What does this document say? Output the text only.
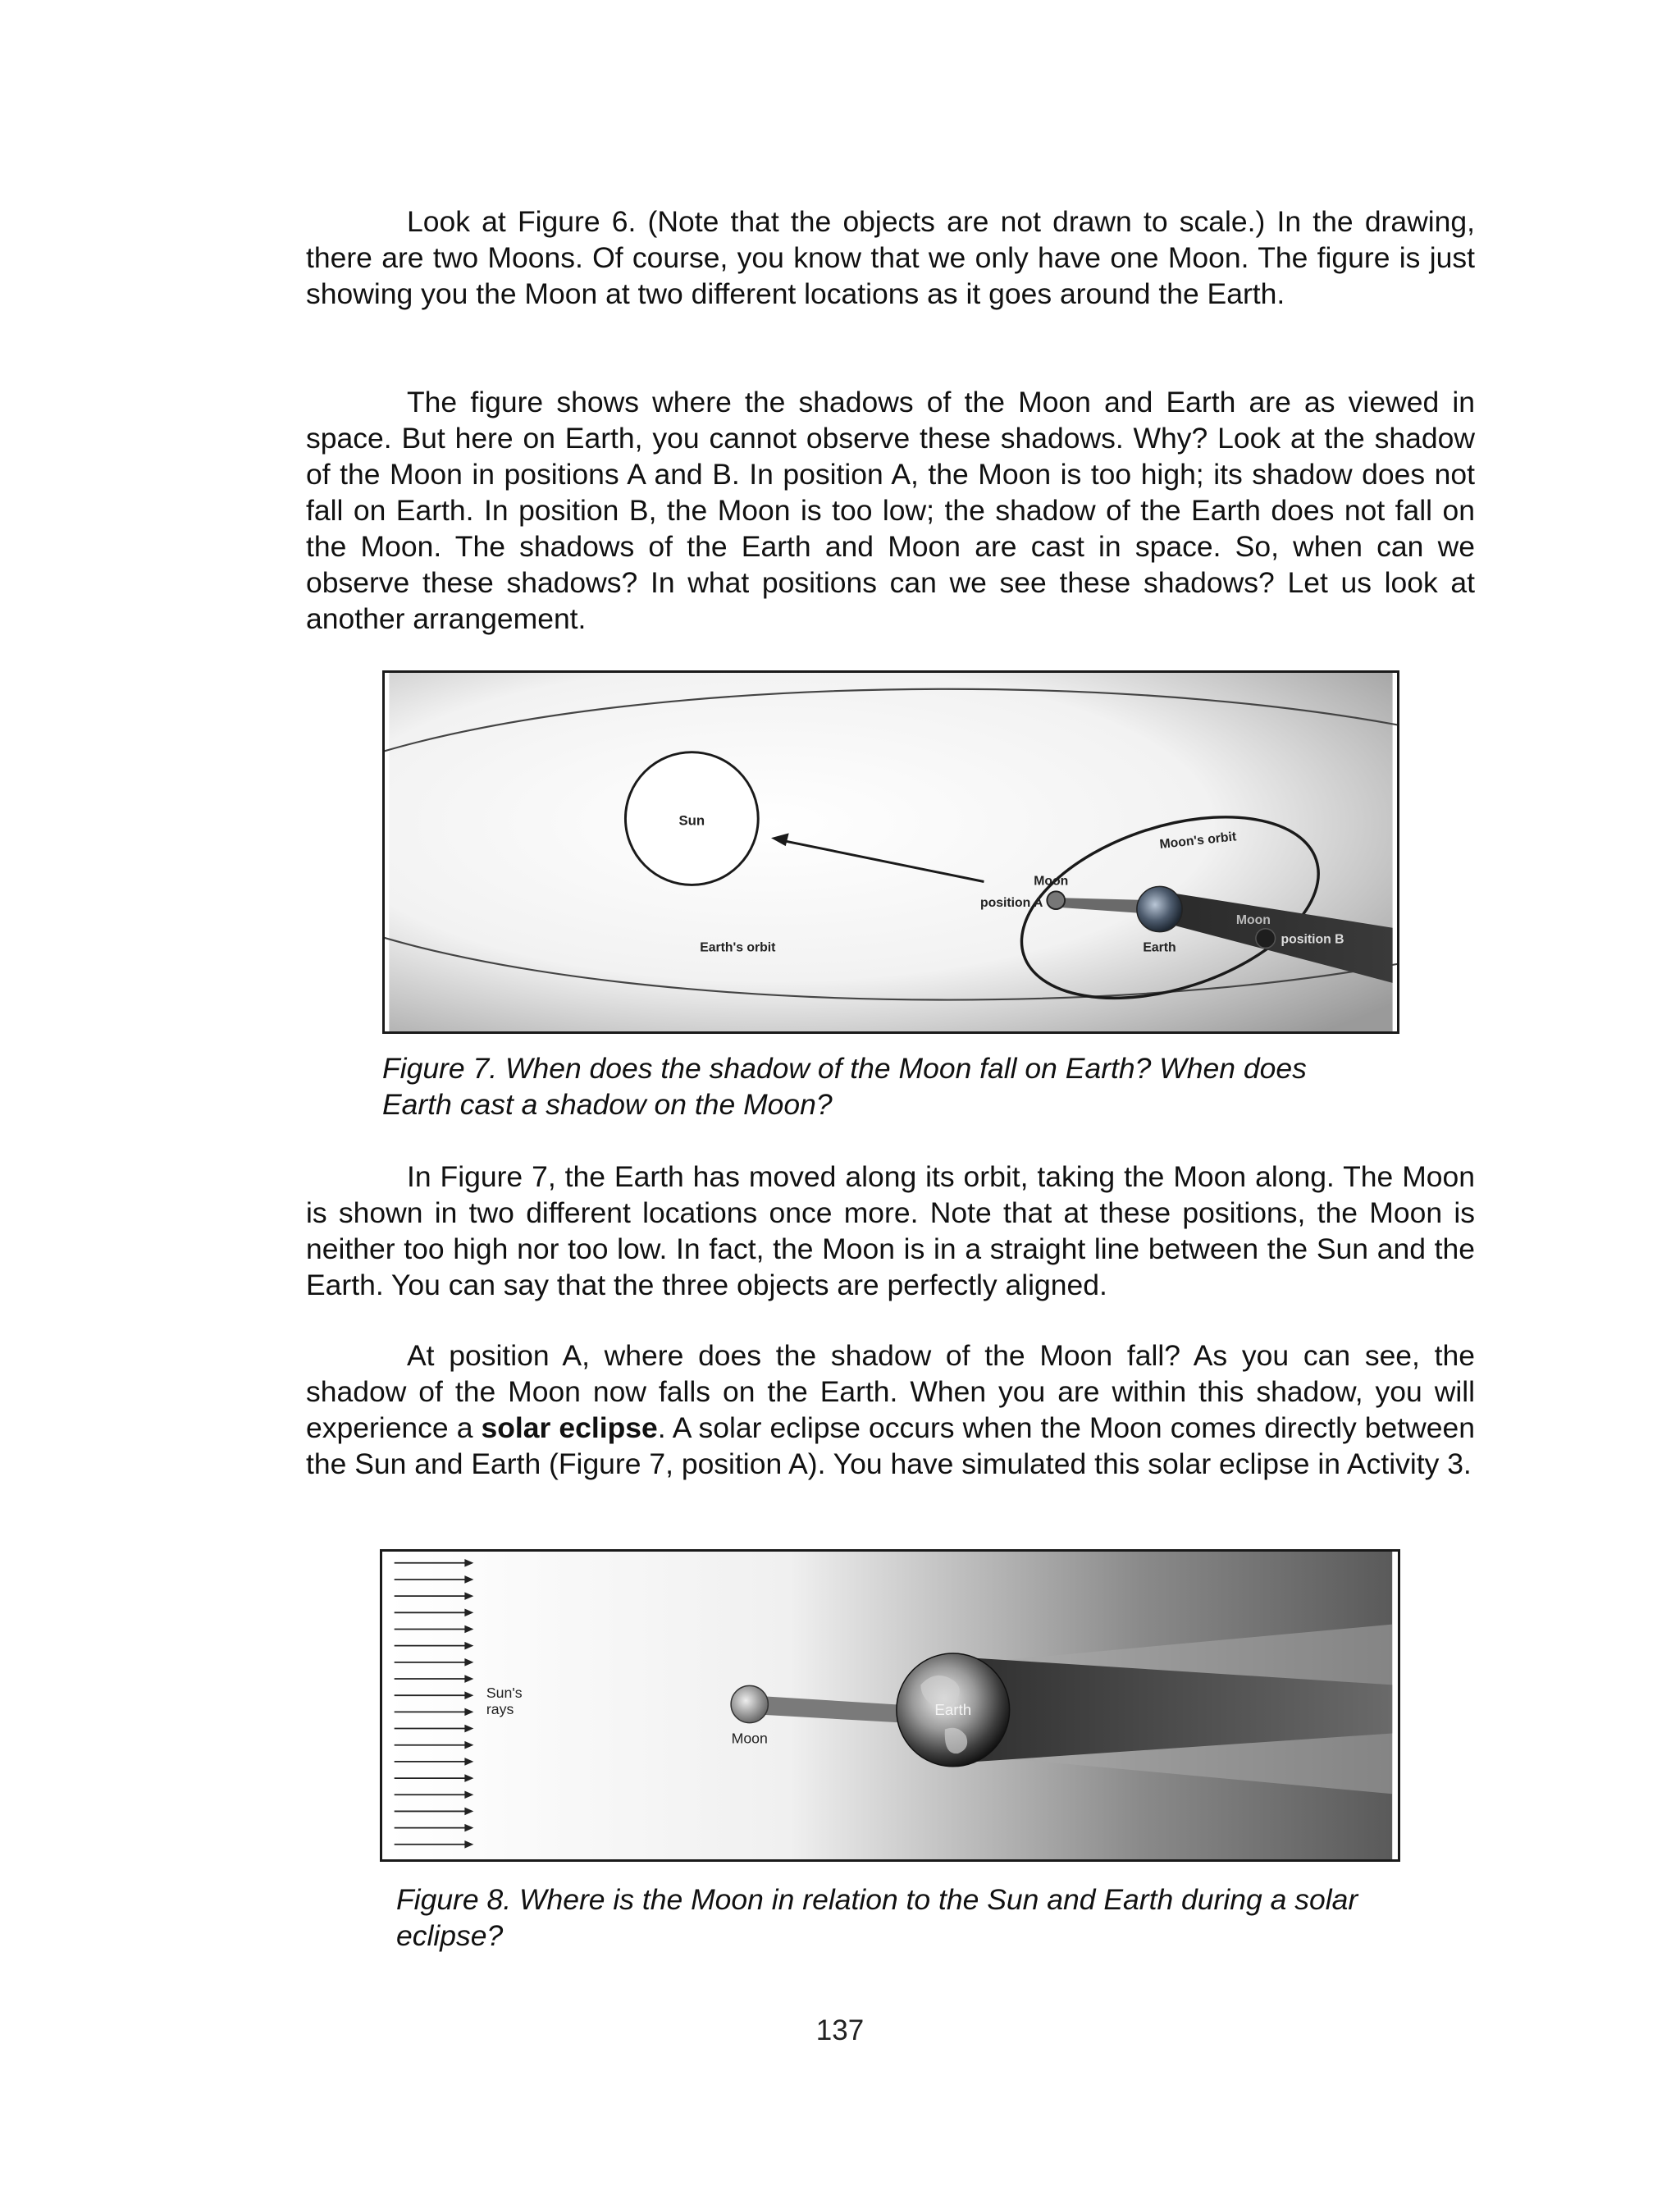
Look at Figure 6. (Note that the objects are not drawn to scale.) In the drawing, there are two Moons. Of course, you know that we only have one Moon. The figure is just showing you the Moon at two different locations as it goes around the Earth.

The figure shows where the shadows of the Moon and Earth are as viewed in space. But here on Earth, you cannot observe these shadows. Why? Look at the shadow of the Moon in positions A and B. In position A, the Moon is too high; its shadow does not fall on Earth. In position B, the Moon is too low; the shadow of the Earth does not fall on the Moon. The shadows of the Earth and Moon are cast in space. So, when can we observe these shadows? In what positions can we see these shadows? Let us look at another arrangement.

Sun
Moon's orbit
Moon
position A
Earth's orbit	Earth
Moon
position B

Figure 7. When does the shadow of the Moon fall on Earth? When does
Earth cast a shadow on the Moon?

In Figure 7, the Earth has moved along its orbit, taking the Moon along. The Moon is shown in two different locations once more. Note that at these positions, the Moon is neither too high nor too low. In fact, the Moon is in a straight line between the Sun and the Earth. You can say that the three objects are perfectly aligned.

At position A, where does the shadow of the Moon fall? As you can see, the shadow of the Moon now falls on the Earth. When you are within this shadow, you will experience a solar eclipse. A solar eclipse occurs when the Moon comes directly between the Sun and Earth (Figure 7, position A). You have simulated this solar eclipse in Activity 3.

Sun's
rays
Moon
Earth

Figure 8. Where is the Moon in relation to the Sun and Earth during a solar
eclipse?

137
